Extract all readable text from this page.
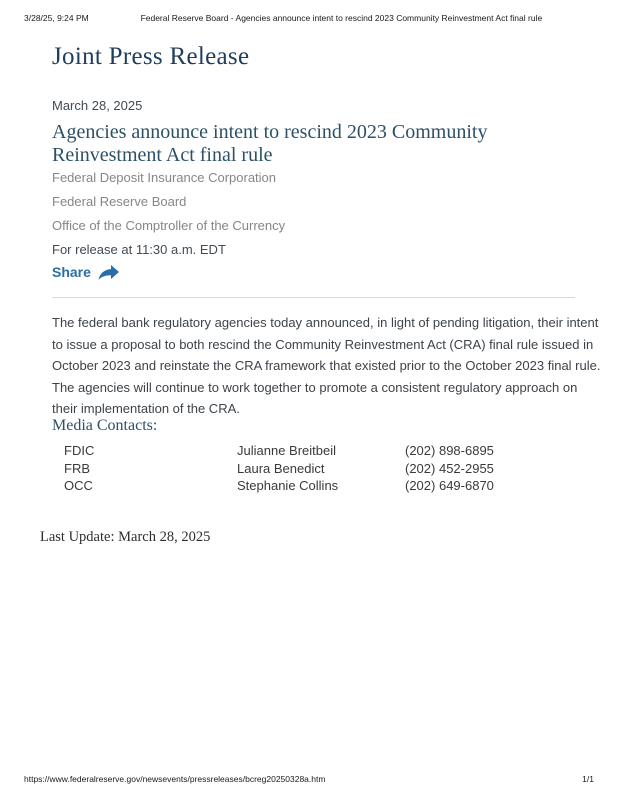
3/28/25, 9:24 PM	Federal Reserve Board - Agencies announce intent to rescind 2023 Community Reinvestment Act final rule
Joint Press Release
March 28, 2025
Agencies announce intent to rescind 2023 Community
Reinvestment Act final rule
Federal Deposit Insurance Corporation
Federal Reserve Board
Office of the Comptroller of the Currency
For release at 11:30 a.m. EDT
Share
The federal bank regulatory agencies today announced, in light of pending litigation, their intent
to issue a proposal to both rescind the Community Reinvestment Act (CRA) final rule issued in
October 2023 and reinstate the CRA framework that existed prior to the October 2023 final rule.
The agencies will continue to work together to promote a consistent regulatory approach on
their implementation of the CRA.
Media Contacts:
FDIC	Julianne Breitbeil	(202) 898-6895
FRB	Laura Benedict	(202) 452-2955
OCC	Stephanie Collins	(202) 649-6870
Last Update: March 28, 2025
https://www.federalreserve.gov/newsevents/pressreleases/bcreg20250328a.htm	1/1
